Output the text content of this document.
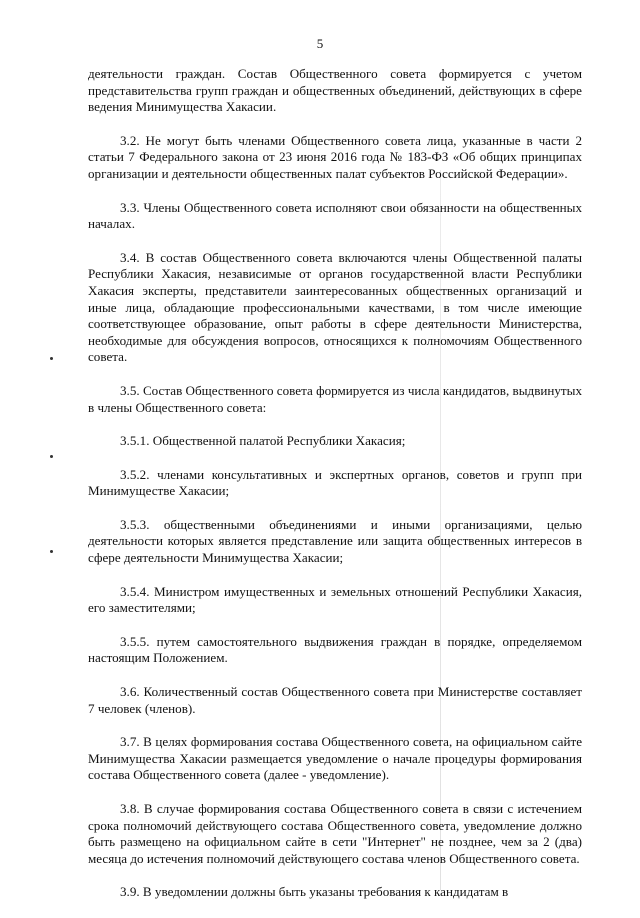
5

деятельности граждан. Состав Общественного совета формируется с учетом представительства групп граждан и общественных объединений, действующих в сфере ведения Минимущества Хакасии.

3.2. Не могут быть членами Общественного совета лица, указанные в части 2 статьи 7 Федерального закона от 23 июня 2016 года № 183-ФЗ «Об общих принципах организации и деятельности общественных палат субъектов Российской Федерации».

3.3. Члены Общественного совета исполняют свои обязанности на общественных началах.

3.4. В состав Общественного совета включаются члены Общественной палаты Республики Хакасия, независимые от органов государственной власти Республики Хакасия эксперты, представители заинтересованных общественных организаций и иные лица, обладающие профессиональными качествами, в том числе имеющие соответствующее образование, опыт работы в сфере деятельности Министерства, необходимые для обсуждения вопросов, относящихся к полномочиям Общественного совета.

3.5. Состав Общественного совета формируется из числа кандидатов, выдвинутых в члены Общественного совета:

3.5.1. Общественной палатой Республики Хакасия;

3.5.2. членами консультативных и экспертных органов, советов и групп при Минимуществе Хакасии;

3.5.3. общественными объединениями и иными организациями, целью деятельности которых является представление или защита общественных интересов в сфере деятельности Минимущества Хакасии;

3.5.4. Министром имущественных и земельных отношений Республики Хакасия, его заместителями;

3.5.5. путем самостоятельного выдвижения граждан в порядке, определяемом настоящим Положением.

3.6. Количественный состав Общественного совета при Министерстве составляет 7 человек (членов).

3.7. В целях формирования состава Общественного совета, на официальном сайте Минимущества Хакасии размещается уведомление о начале процедуры формирования состава Общественного совета (далее - уведомление).

3.8. В случае формирования состава Общественного совета в связи с истечением срока полномочий действующего состава Общественного совета, уведомление должно быть размещено на официальном сайте в сети "Интернет" не позднее, чем за 2 (два) месяца до истечения полномочий действующего состава членов Общественного совета.

3.9. В уведомлении должны быть указаны требования к кандидатам в
